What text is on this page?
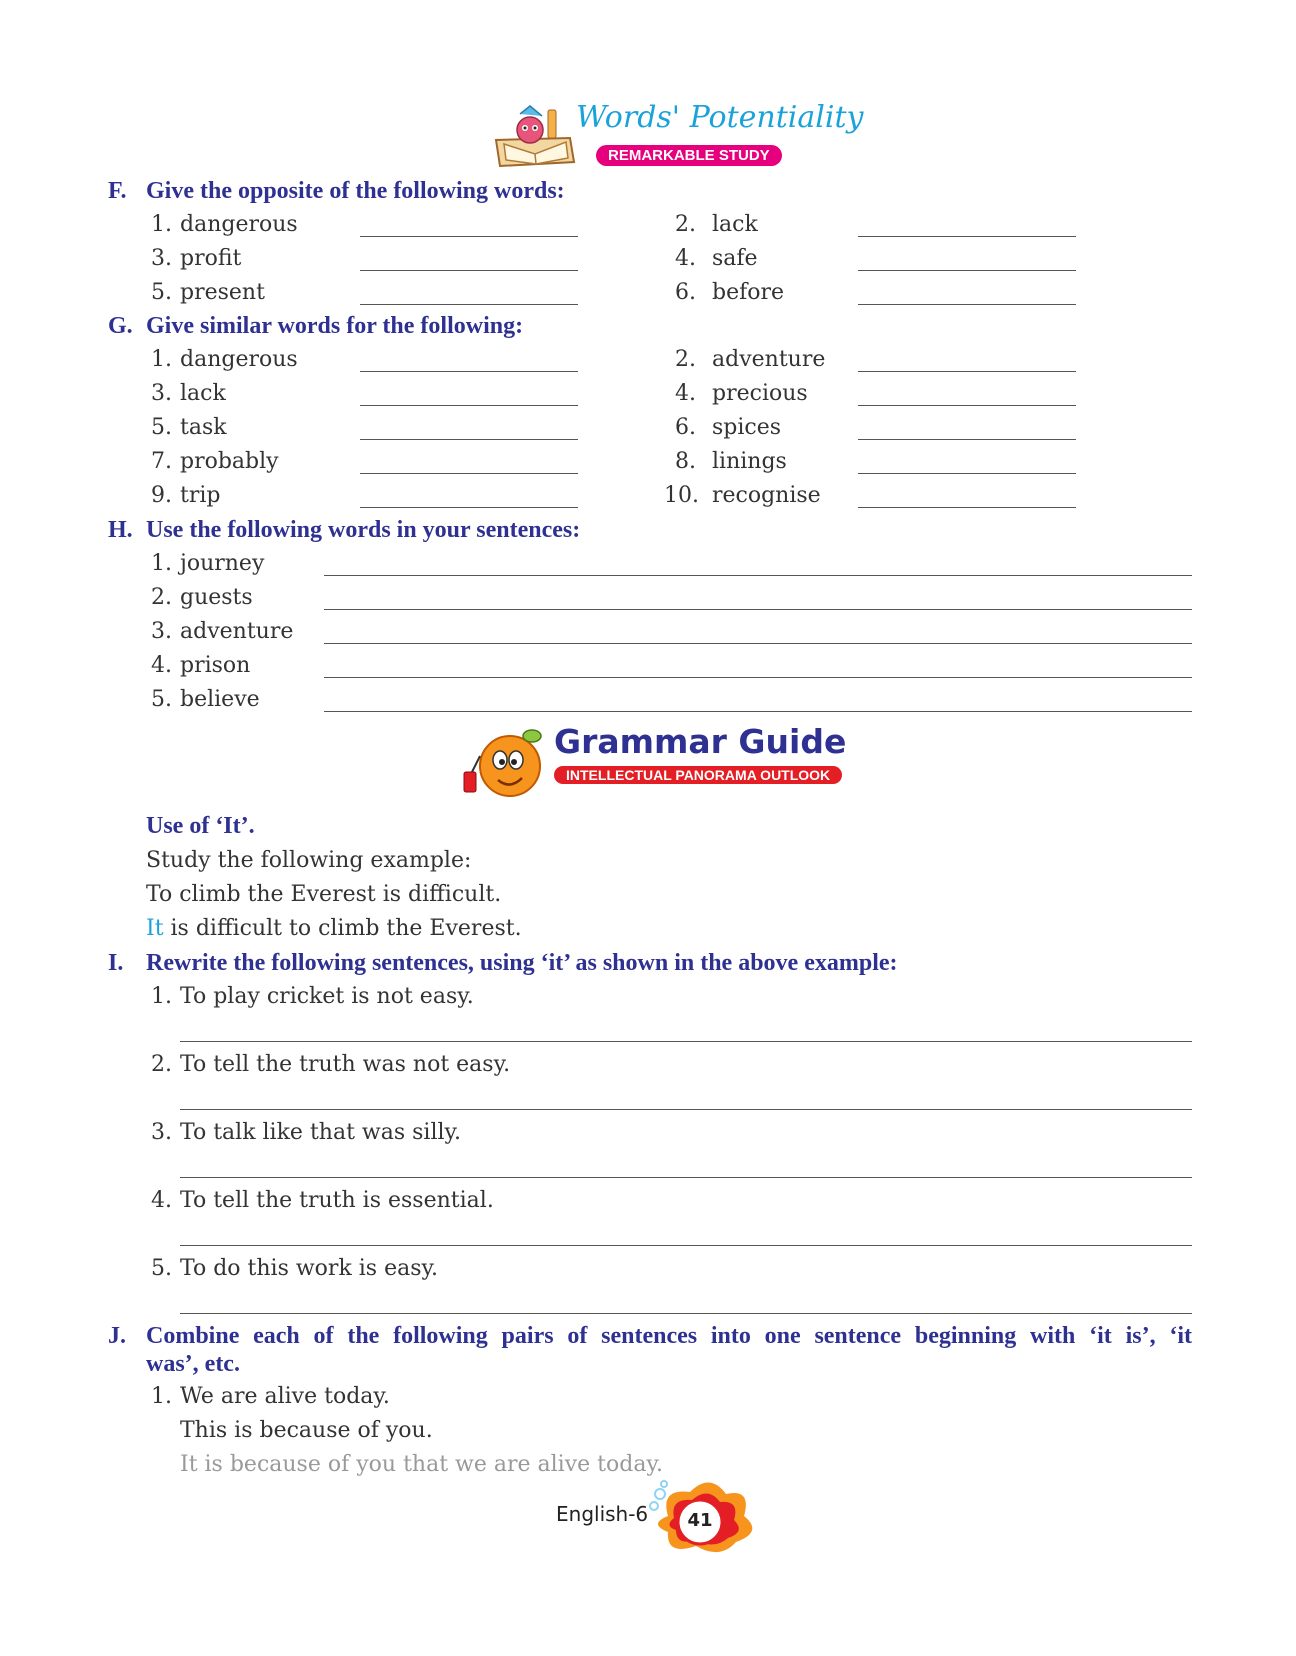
Words' Potentiality
REMARKABLE STUDY
F. Give the opposite of the following words:
1. dangerous	2. lack
3. profit	4. safe
5. present	6. before
G. Give similar words for the following:
1. dangerous	2. adventure
3. lack	4. precious
5. task	6. spices
7. probably	8. linings
9. trip	10. recognise
H. Use the following words in your sentences:
1. journey
2. guests
3. adventure
4. prison
5. believe
Grammar Guide
INTELLECTUAL PANORAMA OUTLOOK
Use of ‘It’.
Study the following example:
To climb the Everest is difficult.
It is difficult to climb the Everest.
I. Rewrite the following sentences, using ‘it’ as shown in the above example:
1. To play cricket is not easy.
2. To tell the truth was not easy.
3. To talk like that was silly.
4. To tell the truth is essential.
5. To do this work is easy.
J. Combine each of the following pairs of sentences into one sentence beginning with ‘it is’, ‘it
was’, etc.
1. We are alive today.
This is because of you.
It is because of you that we are alive today.
English-6	41
